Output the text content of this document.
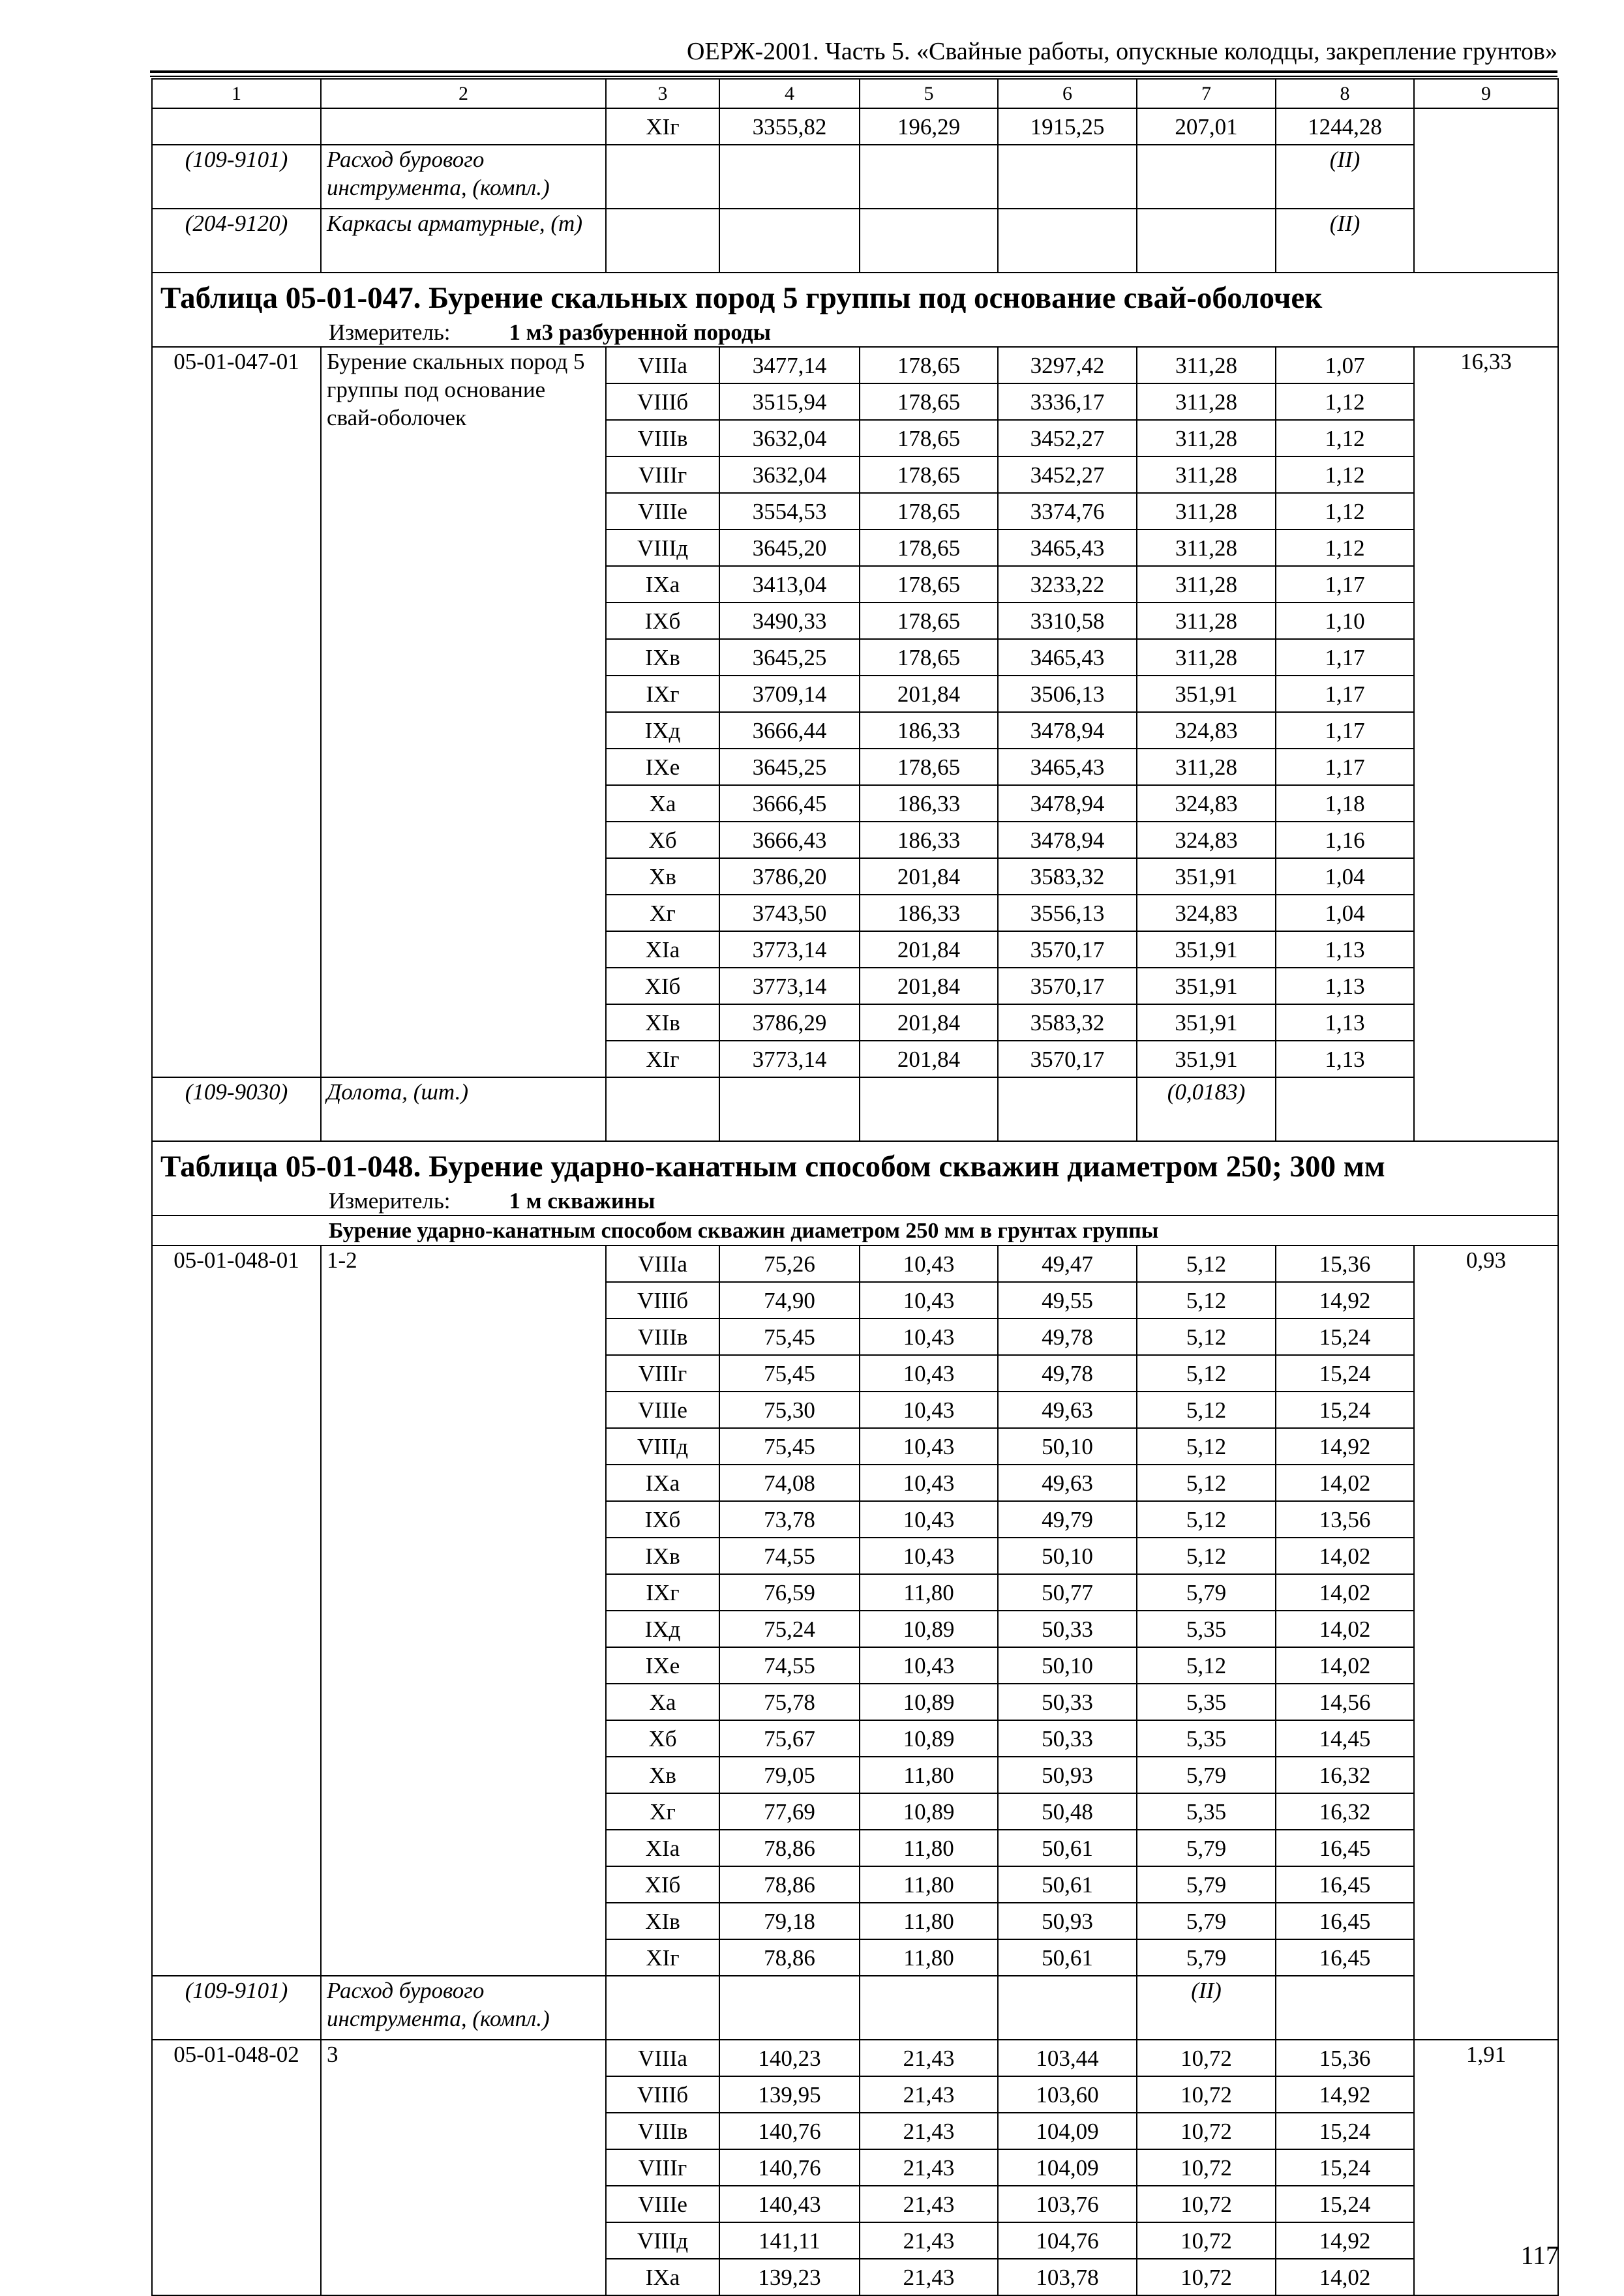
ОЕРЖ-2001. Часть 5. «Свайные работы, опускные колодцы, закрепление грунтов»
1	2	3	4	5	6	7	8	9
		XIг	3355,82	196,29	1915,25	207,01	1244,28	
(109-9101)	Расход бурового инструмента, (компл.)						(II)	
(204-9120)	Каркасы арматурные, (т)						(II)	
Таблица 05-01-047. Бурение скальных пород 5 группы под основание свай-оболочек								
Измеритель: 1 м3 разбуренной породы								

05-01-047-01	Бурение скальных пород 5 группы под основание свай-оболочек	VIIIа	3477,14	178,65	3297,42	311,28	1,07	16,33
		VIIIб	3515,94	178,65	3336,17	311,28	1,12	
		VIIIв	3632,04	178,65	3452,27	311,28	1,12	
		VIIIг	3632,04	178,65	3452,27	311,28	1,12	
		VIIIе	3554,53	178,65	3374,76	311,28	1,12	
		VIIIд	3645,20	178,65	3465,43	311,28	1,12	
		IXа	3413,04	178,65	3233,22	311,28	1,17	
		IXб	3490,33	178,65	3310,58	311,28	1,10	
		IXв	3645,25	178,65	3465,43	311,28	1,17	
		IXг	3709,14	201,84	3506,13	351,91	1,17	
		IXд	3666,44	186,33	3478,94	324,83	1,17	
		IXе	3645,25	178,65	3465,43	311,28	1,17	
		Xа	3666,45	186,33	3478,94	324,83	1,18	
		Xб	3666,43	186,33	3478,94	324,83	1,16	
		Xв	3786,20	201,84	3583,32	351,91	1,04	
		Xг	3743,50	186,33	3556,13	324,83	1,04	
		XIа	3773,14	201,84	3570,17	351,91	1,13	
		XIб	3773,14	201,84	3570,17	351,91	1,13	
		XIв	3786,29	201,84	3583,32	351,91	1,13	
		XIг	3773,14	201,84	3570,17	351,91	1,13	
(109-9030)	Долота, (шт.)					(0,0183)		
Таблица 05-01-048. Бурение ударно-канатным способом скважин диаметром 250; 300 мм								
Измеритель: 1 м скважины								
Бурение ударно-канатным способом скважин диаметром 250 мм в грунтах группы								
05-01-048-01	1-2	VIIIа	75,26	10,43	49,47	5,12	15,36	0,93
		VIIIб	74,90	10,43	49,55	5,12	14,92	
		VIIIв	75,45	10,43	49,78	5,12	15,24	
		VIIIг	75,45	10,43	49,78	5,12	15,24	
		VIIIе	75,30	10,43	49,63	5,12	15,24	
		VIIIд	75,45	10,43	50,10	5,12	14,92	
		IXа	74,08	10,43	49,63	5,12	14,02	
		IXб	73,78	10,43	49,79	5,12	13,56	
		IXв	74,55	10,43	50,10	5,12	14,02	
		IXг	76,59	11,80	50,77	5,79	14,02	
		IXд	75,24	10,89	50,33	5,35	14,02	
		IXе	74,55	10,43	50,10	5,12	14,02	
		Xа	75,78	10,89	50,33	5,35	14,56	
		Xб	75,67	10,89	50,33	5,35	14,45	
		Xв	79,05	11,80	50,93	5,79	16,32	
		Xг	77,69	10,89	50,48	5,35	16,32	
		XIа	78,86	11,80	50,61	5,79	16,45	
		XIб	78,86	11,80	50,61	5,79	16,45	
		XIв	79,18	11,80	50,93	5,79	16,45	
		XIг	78,86	11,80	50,61	5,79	16,45	
(109-9101)	Расход бурового инструмента, (компл.)					(II)		
05-01-048-02	3	VIIIа	140,23	21,43	103,44	10,72	15,36	1,91
		VIIIб	139,95	21,43	103,60	10,72	14,92	
		VIIIв	140,76	21,43	104,09	10,72	15,24	
		VIIIг	140,76	21,43	104,09	10,72	15,24	
		VIIIе	140,43	21,43	103,76	10,72	15,24	
		VIIIд	141,11	21,43	104,76	10,72	14,92	
		IXа	139,23	21,43	103,78	10,72	14,02	
117
